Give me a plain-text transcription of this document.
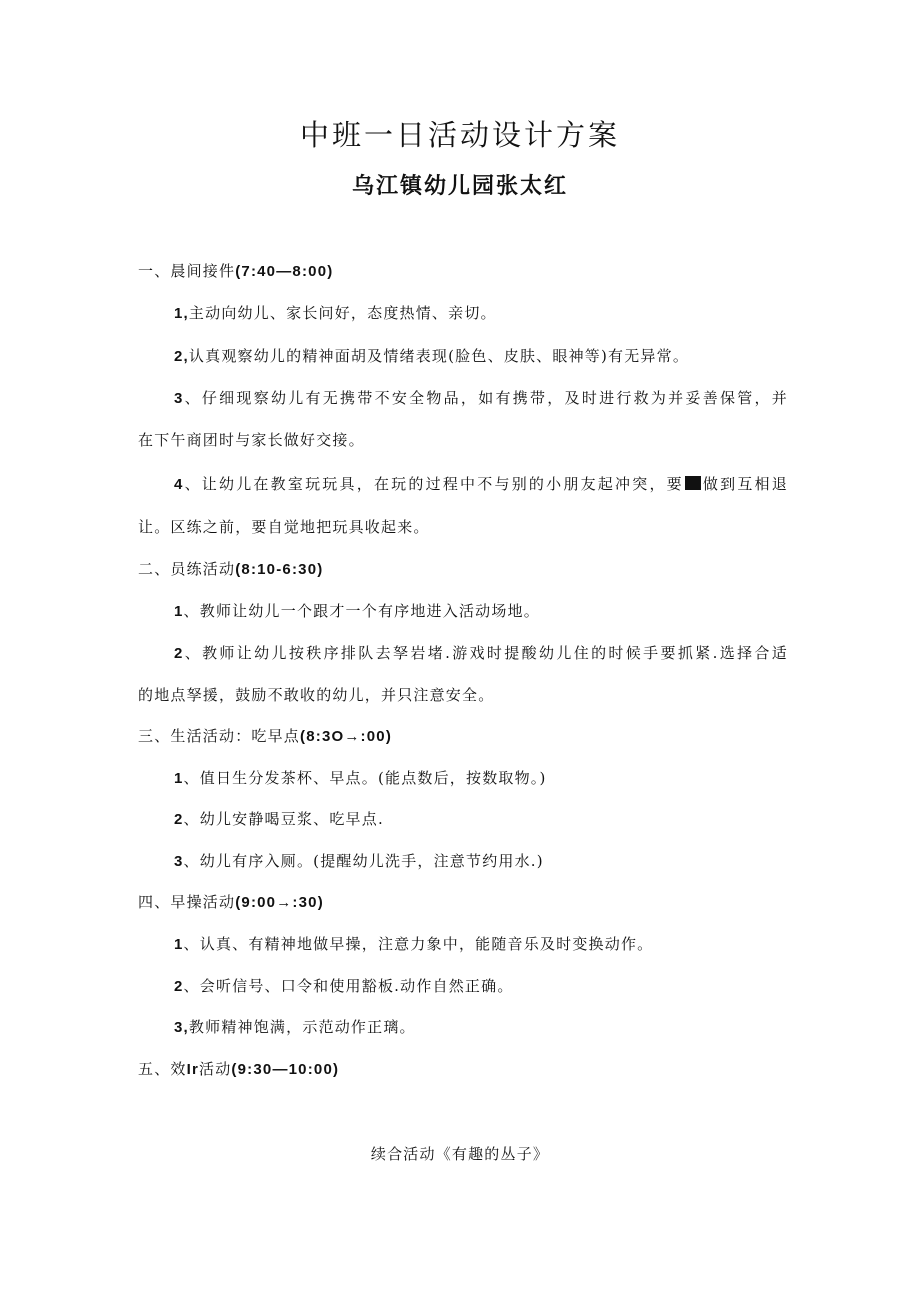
中班一日活动设计方案
乌江镇幼儿园张太红

一、晨间接件(7:40—8:00)

1,主动向幼儿、家长问好，态度热情、亲切。

2,认真观察幼儿的精神面胡及情绪表现(脸色、皮肤、眼神等)有无异常。

3、仔细现察幼儿有无携带不安全物品，如有携带，及时进行救为并妥善保管，并

在下午商团时与家长做好交接。

4、让幼儿在教室玩玩具，在玩的过程中不与别的小朋友起冲突，要 做到互相退

让。区练之前，要自觉地把玩具收起来。

二、员练活动(8:10-6:30)

1、教师让幼儿一个跟才一个有序地进入活动场地。

2、教师让幼儿按秩序排队去孥岩堵.游戏时提酸幼儿住的时候手要抓紧.选择合适

的地点孥援，鼓励不敢收的幼儿，并只注意安全。

三、生活活动：吃早点(8:3O→:00)

1、值日生分发茶杯、早点。(能点数后，按数取物。)

2、幼儿安静喝豆浆、吃早点.

3、幼儿有序入厕。(提醒幼儿洗手，注意节约用水.)

四、早操活动(9:00→:30)

1、认真、有精神地做早操，注意力象中，能随音乐及时变换动作。

2、会听信号、口令和使用豁板.动作自然正确。

3,教师精神饱满，示范动作正璃。

五、效Ir活动(9:30—10:00)

续合活动《有趣的丛子》
